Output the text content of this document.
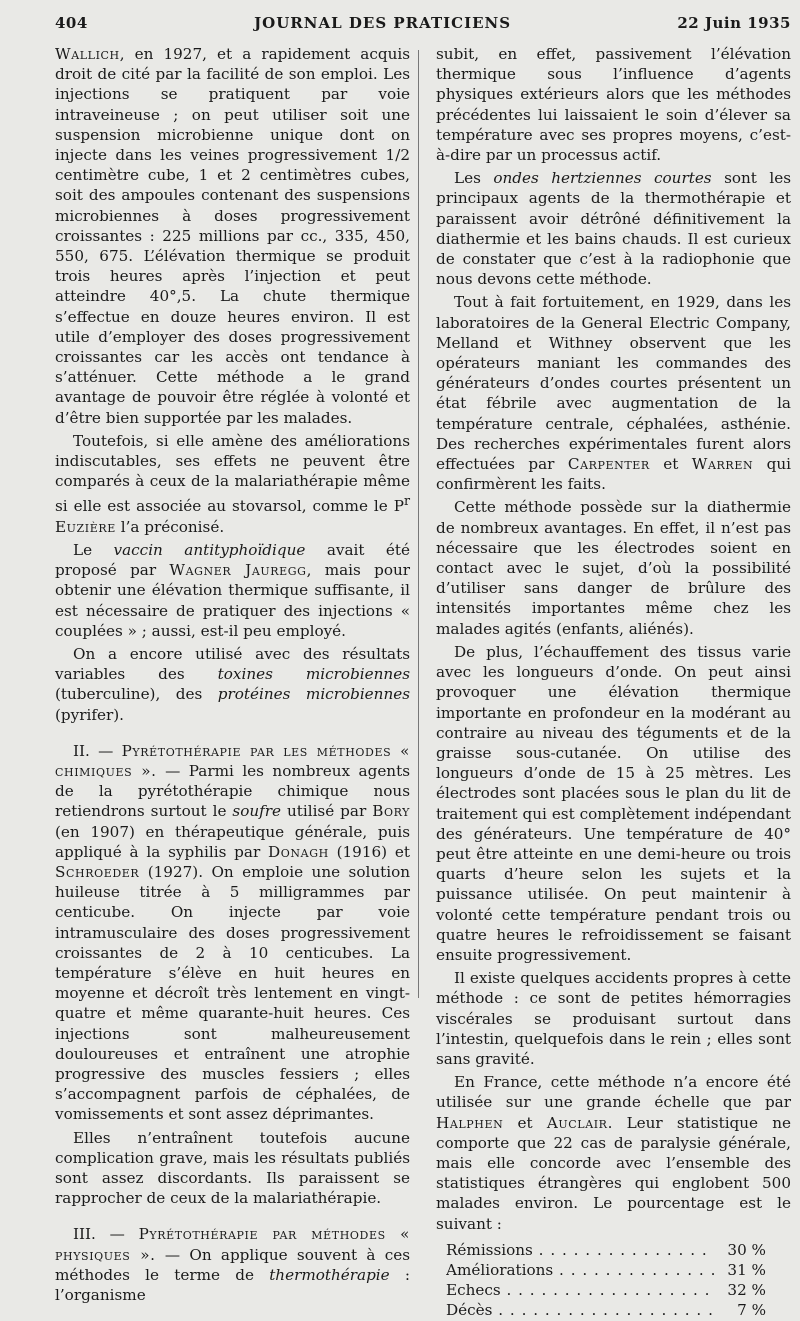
404	JOURNAL DES PRATICIENS	22 Juin 1935

Wallich, en 1927, et a rapidement acquis droit de cité par la facilité de son emploi. Les injections se pratiquent par voie intraveineuse ; on peut utiliser soit une suspension microbienne unique dont on injecte dans les veines progressivement 1/2 centimètre cube, 1 et 2 centimètres cubes, soit des ampoules contenant des suspensions microbiennes à doses progressivement croissantes : 225 millions par cc., 335, 450, 550, 675. L’élévation thermique se produit trois heures après l’injection et peut atteindre 40°,5. La chute thermique s’effectue en douze heures environ. Il est utile d’employer des doses progressivement croissantes car les accès ont tendance à s’atténuer. Cette méthode a le grand avantage de pouvoir être réglée à volonté et d’être bien supportée par les malades.

Toutefois, si elle amène des améliorations indiscutables, ses effets ne peuvent être comparés à ceux de la malariathérapie même si elle est associée au stovarsol, comme le $P^r$ Euzière l’a préconisé.

Le vaccin antityphoïdique avait été proposé par Wagner Jauregg, mais pour obtenir une élévation thermique suffisante, il est nécessaire de pratiquer des injections « couplées » ; aussi, est-il peu employé.

On a encore utilisé avec des résultats variables des toxines microbiennes (tuberculine), des protéines microbiennes (pyrifer).

II. — Pyrétothérapie par les méthodes « chimiques ». — Parmi les nombreux agents de la pyrétothérapie chimique nous retiendrons surtout le soufre utilisé par Bory (en 1907) en thérapeutique générale, puis appliqué à la syphilis par Donagh (1916) et Schroeder (1927). On emploie une solution huileuse titrée à 5 milligrammes par centicube. On injecte par voie intramusculaire des doses progressivement croissantes de 2 à 10 centicubes. La température s’élève en huit heures en moyenne et décroît très lentement en vingt-quatre et même quarante-huit heures. Ces injections sont malheureusement douloureuses et entraînent une atrophie progressive des muscles fessiers ; elles s’accompagnent parfois de céphalées, de vomissements et sont assez déprimantes.

Elles n’entraînent toutefois aucune complication grave, mais les résultats publiés sont assez discordants. Ils paraissent se rapprocher de ceux de la malariathérapie.

III. — Pyrétothérapie par méthodes « physiques ». — On applique souvent à ces méthodes le terme de thermothérapie : l’organisme

subit, en effet, passivement l’élévation thermique sous l’influence d’agents physiques extérieurs alors que les méthodes précédentes lui laissaient le soin d’élever sa température avec ses propres moyens, c’est-à-dire par un processus actif.

Les ondes hertziennes courtes sont les principaux agents de la thermothérapie et paraissent avoir détrôné définitivement la diathermie et les bains chauds. Il est curieux de constater que c’est à la radiophonie que nous devons cette méthode.

Tout à fait fortuitement, en 1929, dans les laboratoires de la General Electric Company, Melland et Withney observent que les opérateurs maniant les commandes des générateurs d’ondes courtes présentent un état fébrile avec augmentation de la température centrale, céphalées, asthénie. Des recherches expérimentales furent alors effectuées par Carpenter et Warren qui confirmèrent les faits.

Cette méthode possède sur la diathermie de nombreux avantages. En effet, il n’est pas nécessaire que les électrodes soient en contact avec le sujet, d’où la possibilité d’utiliser sans danger de brûlure des intensités importantes même chez les malades agités (enfants, aliénés).

De plus, l’échauffement des tissus varie avec les longueurs d’onde. On peut ainsi provoquer une élévation thermique importante en profondeur en la modérant au contraire au niveau des téguments et de la graisse sous-cutanée. On utilise des longueurs d’onde de 15 à 25 mètres. Les électrodes sont placées sous le plan du lit de traitement qui est complètement indépendant des générateurs. Une température de 40° peut être atteinte en une demi-heure ou trois quarts d’heure selon les sujets et la puissance utilisée. On peut maintenir à volonté cette température pendant trois ou quatre heures le refroidissement se faisant ensuite progressivement.

Il existe quelques accidents propres à cette méthode : ce sont de petites hémorragies viscérales se produisant surtout dans l’intestin, quelquefois dans le rein ; elles sont sans gravité.

En France, cette méthode n’a encore été utilisée sur une grande échelle que par Halphen et Auclair. Leur statistique ne comporte que 22 cas de paralysie générale, mais elle concorde avec l’ensemble des statistiques étrangères qui englobent 500 malades environ. Le pourcentage est le suivant :

Rémissions . . .	30 %
Améliorations . . .	31 %
Echecs . . .	32 %
Décès . . .	7 %
